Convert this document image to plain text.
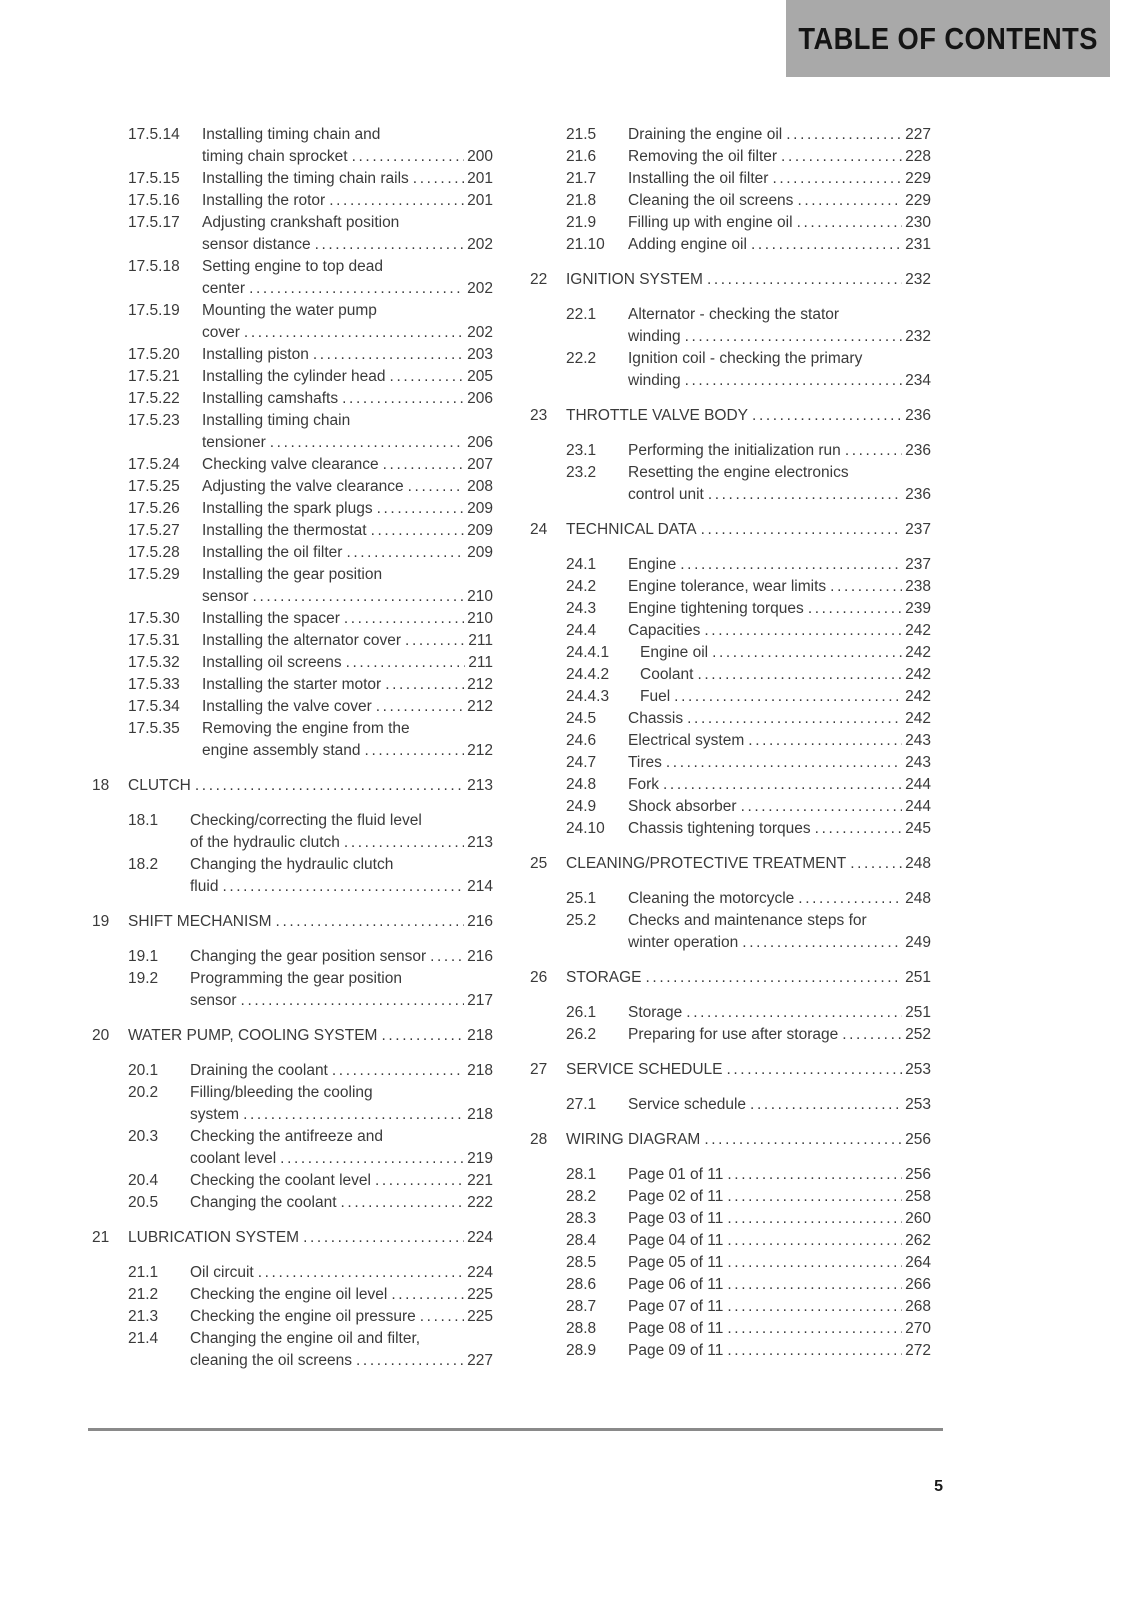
TABLE OF CONTENTS
17.5.14	Installing timing chain and
timing chain sprocket .....	200
17.5.15	Installing the timing chain rails .....	201
17.5.16	Installing the rotor .....	201
17.5.17	Adjusting crankshaft position
sensor distance .....	202
17.5.18	Setting engine to top dead
center .....	202
17.5.19	Mounting the water pump
cover .....	202
17.5.20	Installing piston .....	203
17.5.21	Installing the cylinder head .....	205
17.5.22	Installing camshafts .....	206
17.5.23	Installing timing chain
tensioner .....	206
17.5.24	Checking valve clearance .....	207
17.5.25	Adjusting the valve clearance .....	208
17.5.26	Installing the spark plugs .....	209
17.5.27	Installing the thermostat .....	209
17.5.28	Installing the oil filter .....	209
17.5.29	Installing the gear position
sensor .....	210
17.5.30	Installing the spacer .....	210
17.5.31	Installing the alternator cover .....	211
17.5.32	Installing oil screens .....	211
17.5.33	Installing the starter motor .....	212
17.5.34	Installing the valve cover .....	212
17.5.35	Removing the engine from the
engine assembly stand .....	212
18	CLUTCH .....	213
18.1	Checking/correcting the fluid level
of the hydraulic clutch .....	213
18.2	Changing the hydraulic clutch
fluid .....	214
19	SHIFT MECHANISM .....	216
19.1	Changing the gear position sensor .....	216
19.2	Programming the gear position
sensor .....	217
20	WATER PUMP, COOLING SYSTEM .....	218
20.1	Draining the coolant .....	218
20.2	Filling/bleeding the cooling
system .....	218
20.3	Checking the antifreeze and
coolant level .....	219
20.4	Checking the coolant level .....	221
20.5	Changing the coolant .....	222
21	LUBRICATION SYSTEM .....	224
21.1	Oil circuit .....	224
21.2	Checking the engine oil level .....	225
21.3	Checking the engine oil pressure .....	225
21.4	Changing the engine oil and filter,
cleaning the oil screens .....	227
21.5	Draining the engine oil .....	227
21.6	Removing the oil filter .....	228
21.7	Installing the oil filter .....	229
21.8	Cleaning the oil screens .....	229
21.9	Filling up with engine oil .....	230
21.10	Adding engine oil .....	231
22	IGNITION SYSTEM .....	232
22.1	Alternator - checking the stator
winding .....	232
22.2	Ignition coil - checking the primary
winding .....	234
23	THROTTLE VALVE BODY .....	236
23.1	Performing the initialization run .....	236
23.2	Resetting the engine electronics
control unit .....	236
24	TECHNICAL DATA .....	237
24.1	Engine .....	237
24.2	Engine tolerance, wear limits .....	238
24.3	Engine tightening torques .....	239
24.4	Capacities .....	242
24.4.1	Engine oil .....	242
24.4.2	Coolant .....	242
24.4.3	Fuel .....	242
24.5	Chassis .....	242
24.6	Electrical system .....	243
24.7	Tires .....	243
24.8	Fork .....	244
24.9	Shock absorber .....	244
24.10	Chassis tightening torques .....	245
25	CLEANING/PROTECTIVE TREATMENT .....	248
25.1	Cleaning the motorcycle .....	248
25.2	Checks and maintenance steps for
winter operation .....	249
26	STORAGE .....	251
26.1	Storage .....	251
26.2	Preparing for use after storage .....	252
27	SERVICE SCHEDULE .....	253
27.1	Service schedule .....	253
28	WIRING DIAGRAM .....	256
28.1	Page 01 of 11 .....	256
28.2	Page 02 of 11 .....	258
28.3	Page 03 of 11 .....	260
28.4	Page 04 of 11 .....	262
28.5	Page 05 of 11 .....	264
28.6	Page 06 of 11 .....	266
28.7	Page 07 of 11 .....	268
28.8	Page 08 of 11 .....	270
28.9	Page 09 of 11 .....	272
5
